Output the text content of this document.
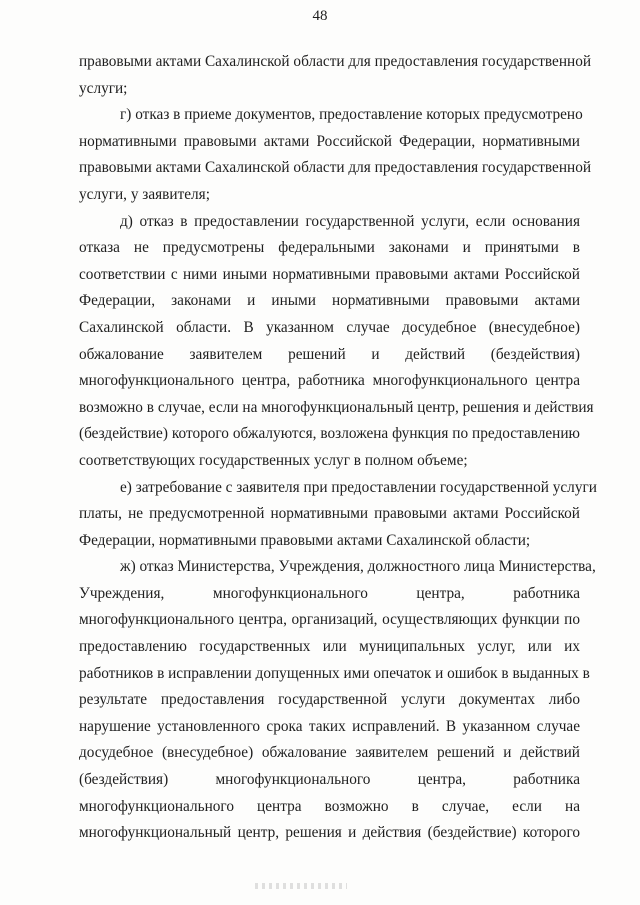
48
правовыми актами Сахалинской области для предоставления государственной
услуги;
г) отказ в приеме документов, предоставление которых предусмотрено
нормативными правовыми актами Российской Федерации, нормативными
правовыми актами Сахалинской области для предоставления государственной
услуги, у заявителя;
д) отказ в предоставлении государственной услуги, если основания
отказа не предусмотрены федеральными законами и принятыми в
соответствии с ними иными нормативными правовыми актами Российской
Федерации, законами и иными нормативными правовыми актами
Сахалинской области. В указанном случае досудебное (внесудебное)
обжалование заявителем решений и действий (бездействия)
многофункционального центра, работника многофункционального центра
возможно в случае, если на многофункциональный центр, решения и действия
(бездействие) которого обжалуются, возложена функция по предоставлению
соответствующих государственных услуг в полном объеме;
е) затребование с заявителя при предоставлении государственной услуги
платы, не предусмотренной нормативными правовыми актами Российской
Федерации, нормативными правовыми актами Сахалинской области;
ж) отказ Министерства, Учреждения, должностного лица Министерства,
Учреждения, многофункционального центра, работника
многофункционального центра, организаций, осуществляющих функции по
предоставлению государственных или муниципальных услуг, или их
работников в исправлении допущенных ими опечаток и ошибок в выданных в
результате предоставления государственной услуги документах либо
нарушение установленного срока таких исправлений. В указанном случае
досудебное (внесудебное) обжалование заявителем решений и действий
(бездействия) многофункционального центра, работника
многофункционального центра возможно в случае, если на
многофункциональный центр, решения и действия (бездействие) которого
